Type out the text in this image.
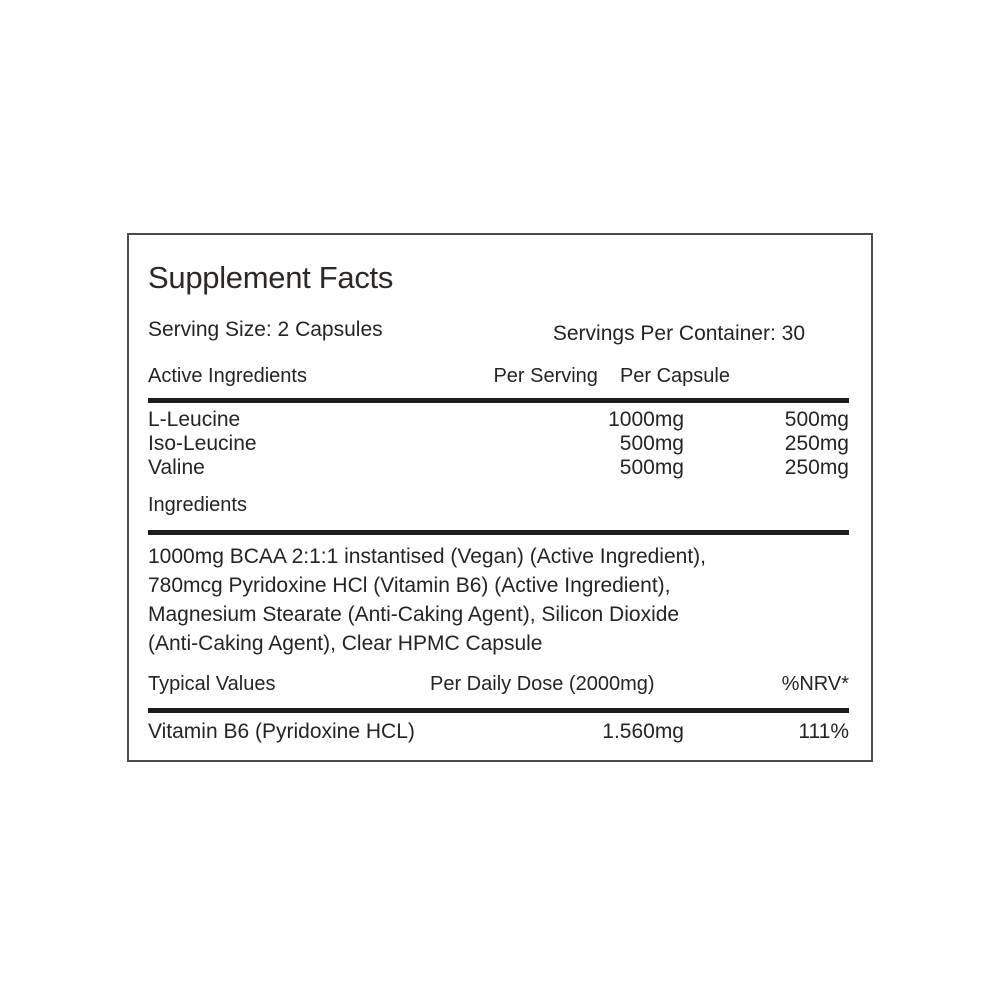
Supplement Facts
Serving Size: 2 Capsules	Servings Per Container: 30
Active Ingredients	Per Serving Per Capsule
L-Leucine	1000mg	500mg
Iso-Leucine	500mg	250mg
Valine	500mg	250mg
Ingredients
1000mg BCAA 2:1:1 instantised (Vegan) (Active Ingredient),
780mcg Pyridoxine HCl (Vitamin B6) (Active Ingredient),
Magnesium Stearate (Anti-Caking Agent), Silicon Dioxide
(Anti-Caking Agent), Clear HPMC Capsule
Typical Values	Per Daily Dose (2000mg)	%NRV*
Vitamin B6 (Pyridoxine HCL)	1.560mg	111%
